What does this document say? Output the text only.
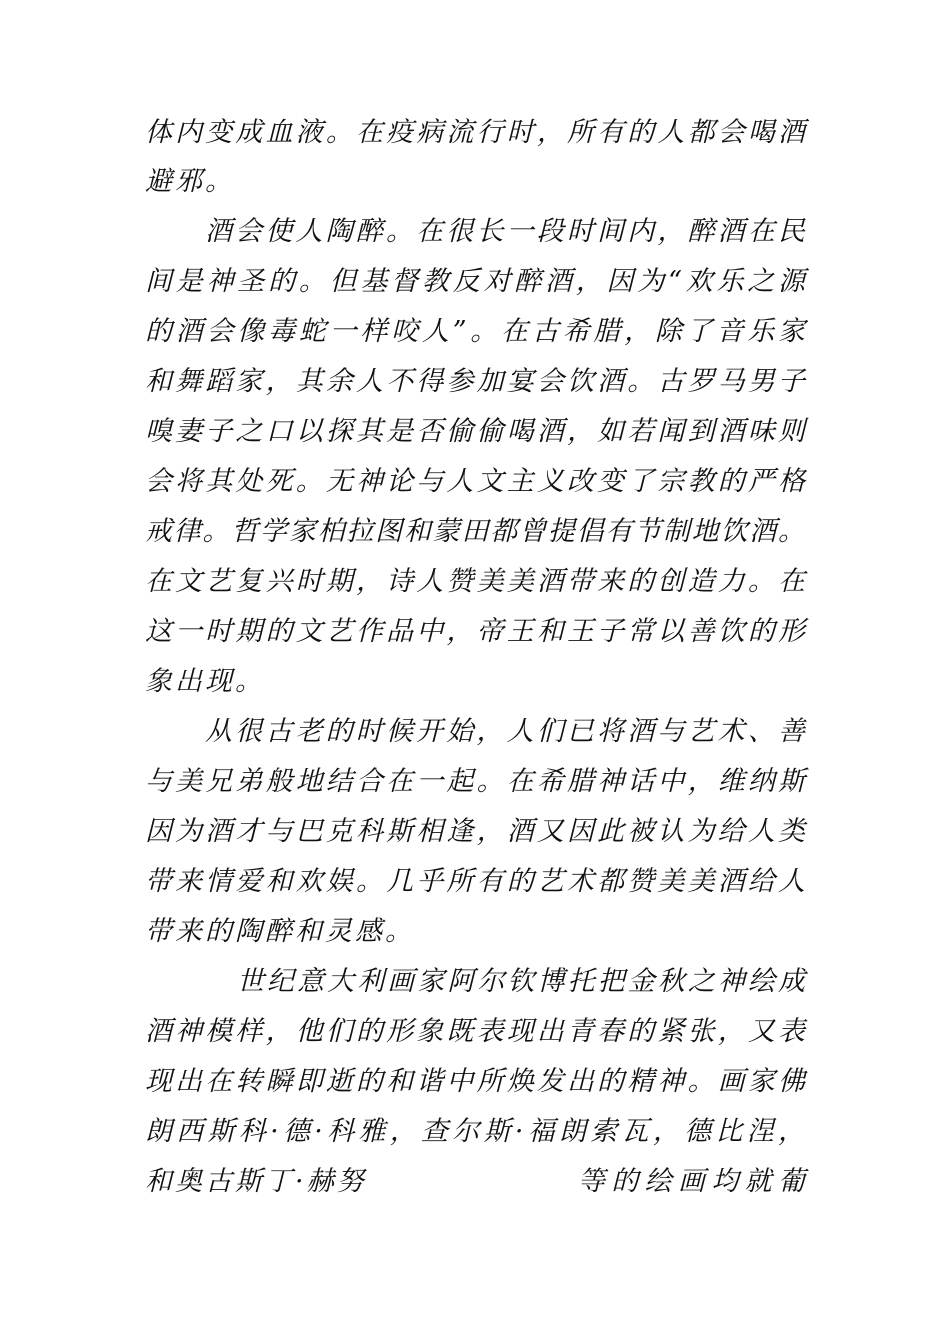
体内变成血液。在疫病流行时，所有的人都会喝酒
避邪。
酒会使人陶醉。在很长一段时间内，醉酒在民
间是神圣的。但基督教反对醉酒，因为“欢乐之源
的酒会像毒蛇一样咬人”。在古希腊，除了音乐家
和舞蹈家，其余人不得参加宴会饮酒。古罗马男子
嗅妻子之口以探其是否偷偷喝酒，如若闻到酒味则
会将其处死。无神论与人文主义改变了宗教的严格
戒律。哲学家柏拉图和蒙田都曾提倡有节制地饮酒。
在文艺复兴时期，诗人赞美美酒带来的创造力。在
这一时期的文艺作品中，帝王和王子常以善饮的形
象出现。
从很古老的时候开始，人们已将酒与艺术、善
与美兄弟般地结合在一起。在希腊神话中，维纳斯
因为酒才与巴克科斯相逢，酒又因此被认为给人类
带来情爱和欢娱。几乎所有的艺术都赞美美酒给人
带来的陶醉和灵感。
世纪意大利画家阿尔钦博托把金秋之神绘成
酒神模样，他们的形象既表现出青春的紧张，又表
现出在转瞬即逝的和谐中所焕发出的精神。画家佛
朗西斯科·德·科雅，查尔斯·福朗索瓦，德比涅，
和奥古斯丁·赫努	等的绘画均就葡
